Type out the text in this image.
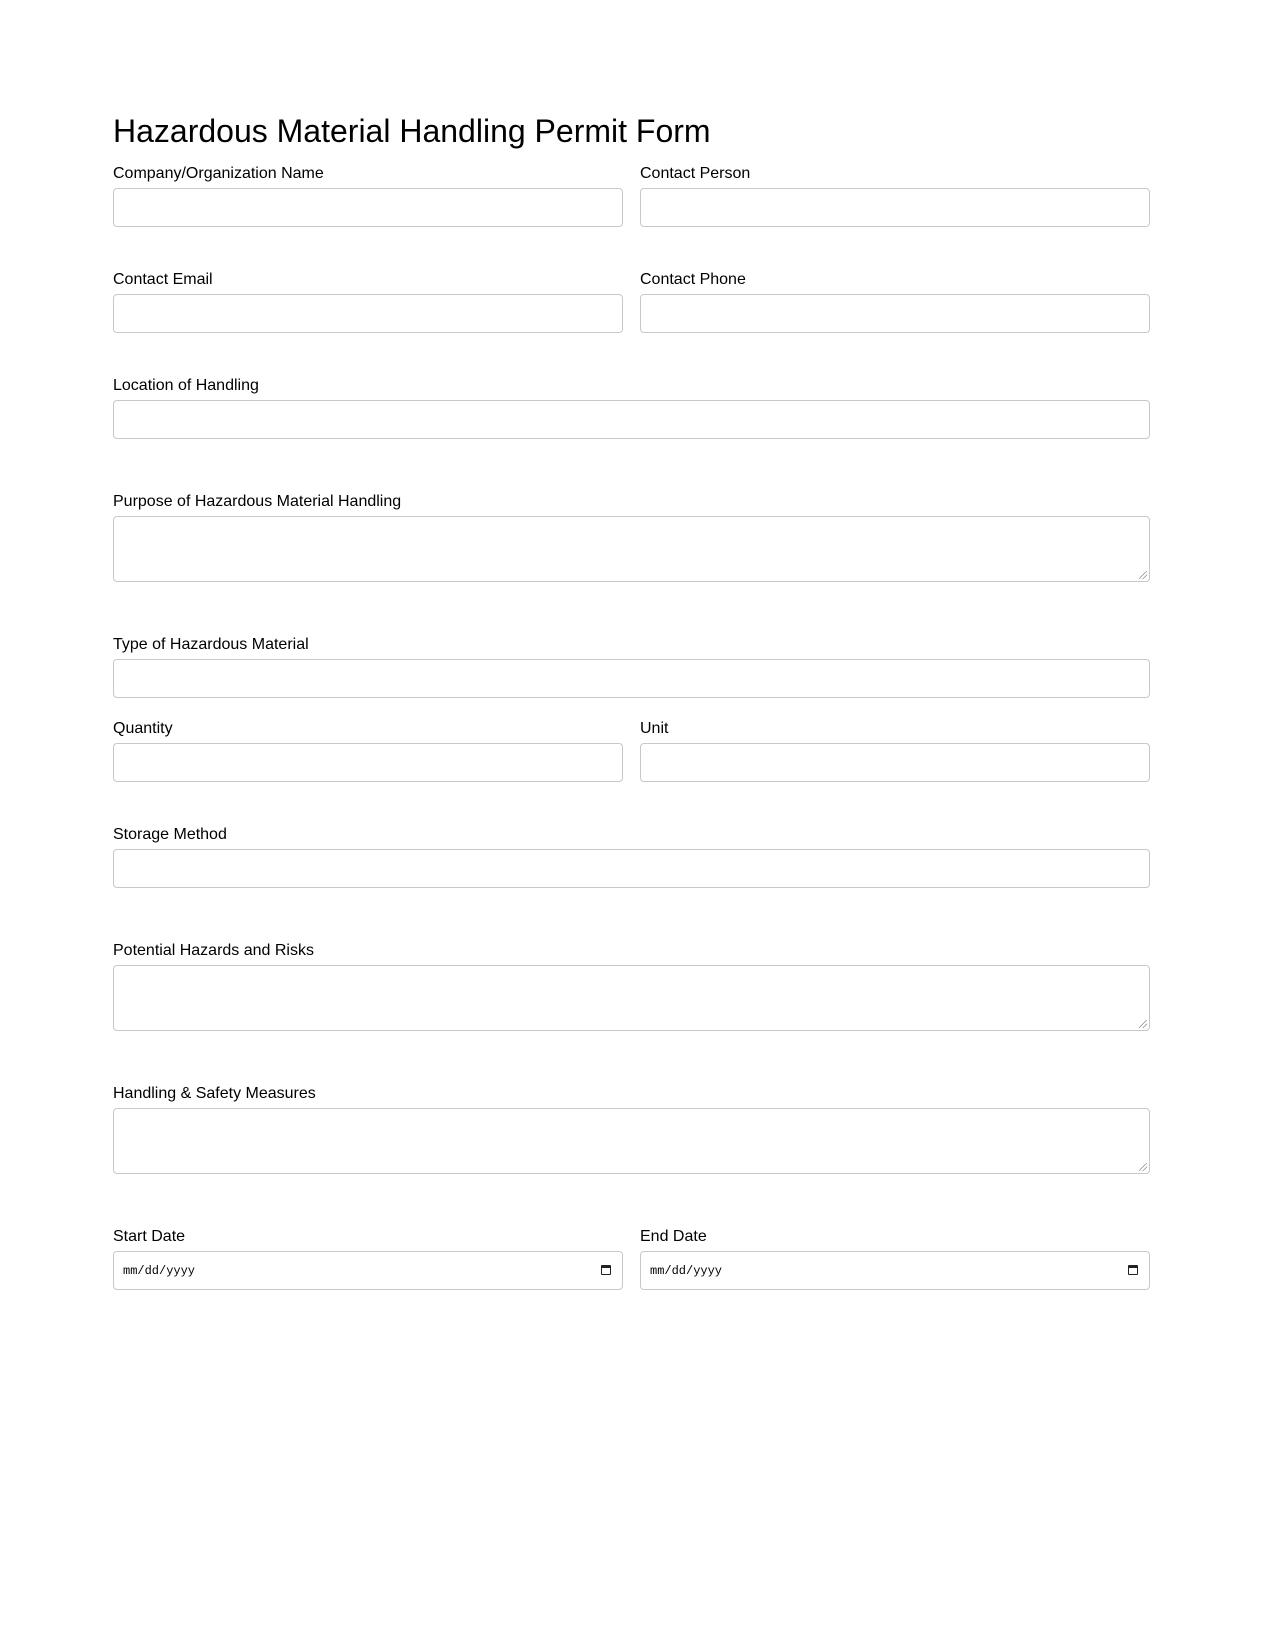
Hazardous Material Handling Permit Form
Company/Organization Name	Contact Person
Contact Email	Contact Phone
Location of Handling
Purpose of Hazardous Material Handling
Type of Hazardous Material
Quantity	Unit
Storage Method
Potential Hazards and Risks
Handling & Safety Measures
Start Date
mm/dd/yyyy
End Date
mm/dd/yyyy
